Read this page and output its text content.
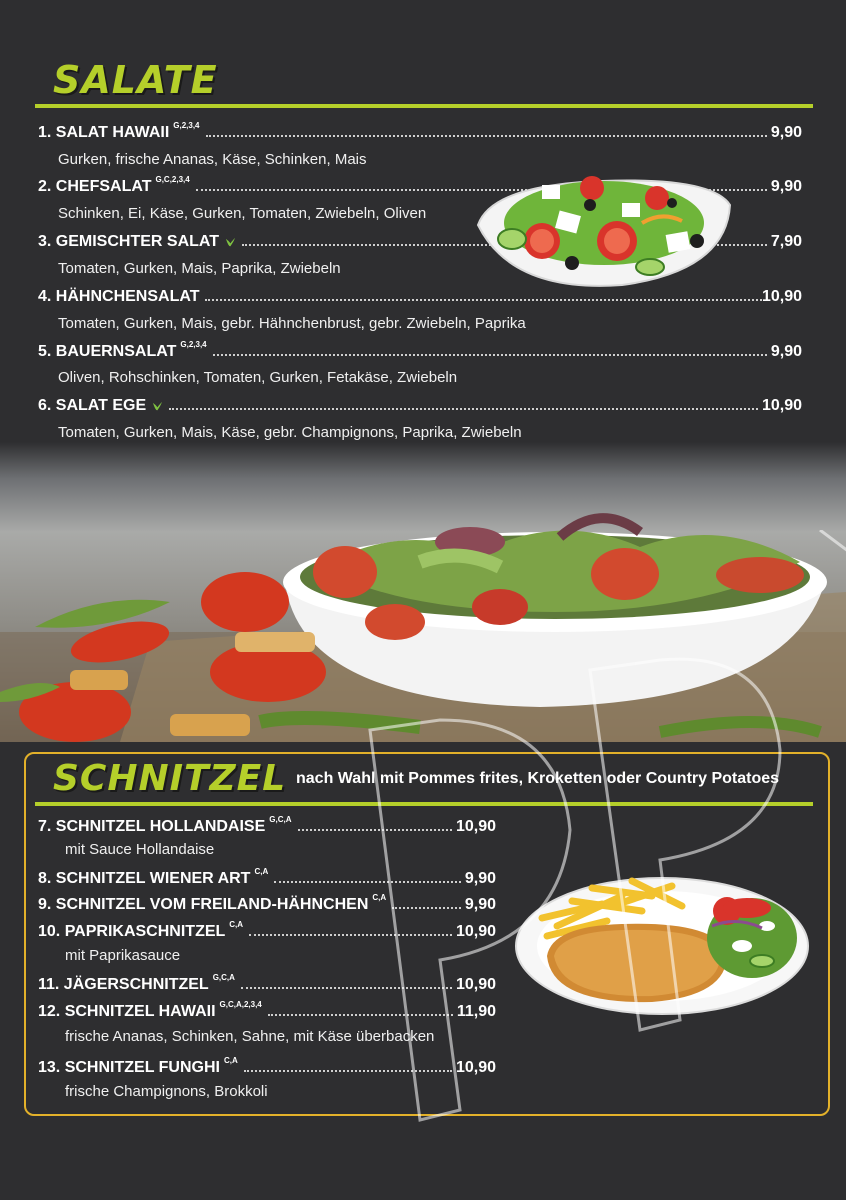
SALATE
1. SALAT HAWAII G,2,3,4	9,90
Gurken, frische Ananas, Käse, Schinken, Mais
2. CHEFSALAT G,C,2,3,4	9,90
Schinken, Ei, Käse, Gurken, Tomaten, Zwiebeln, Oliven
3. GEMISCHTER SALAT	7,90
Tomaten, Gurken, Mais, Paprika, Zwiebeln
4. HÄHNCHENSALAT	10,90
Tomaten, Gurken, Mais, gebr. Hähnchenbrust, gebr. Zwiebeln, Paprika
5. BAUERNSALAT G,2,3,4	9,90
Oliven, Rohschinken, Tomaten, Gurken, Fetakäse, Zwiebeln
6. SALAT EGE	10,90
Tomaten, Gurken, Mais, Käse, gebr. Champignons, Paprika, Zwiebeln
SCHNITZEL nach Wahl mit Pommes frites, Kroketten oder Country Potatoes
7. SCHNITZEL HOLLANDAISE G,C,A	10,90
mit Sauce Hollandaise
8. SCHNITZEL WIENER ART C,A	9,90
9. SCHNITZEL VOM FREILAND-HÄHNCHEN C,A	9,90
10. PAPRIKASCHNITZEL C,A	10,90
mit Paprikasauce
11. JÄGERSCHNITZEL G,C,A	10,90
12. SCHNITZEL HAWAII G,C,A,2,3,4	11,90
frische Ananas, Schinken, Sahne, mit Käse überbacken
13. SCHNITZEL FUNGHI C,A	10,90
frische Champignons, Brokkoli
